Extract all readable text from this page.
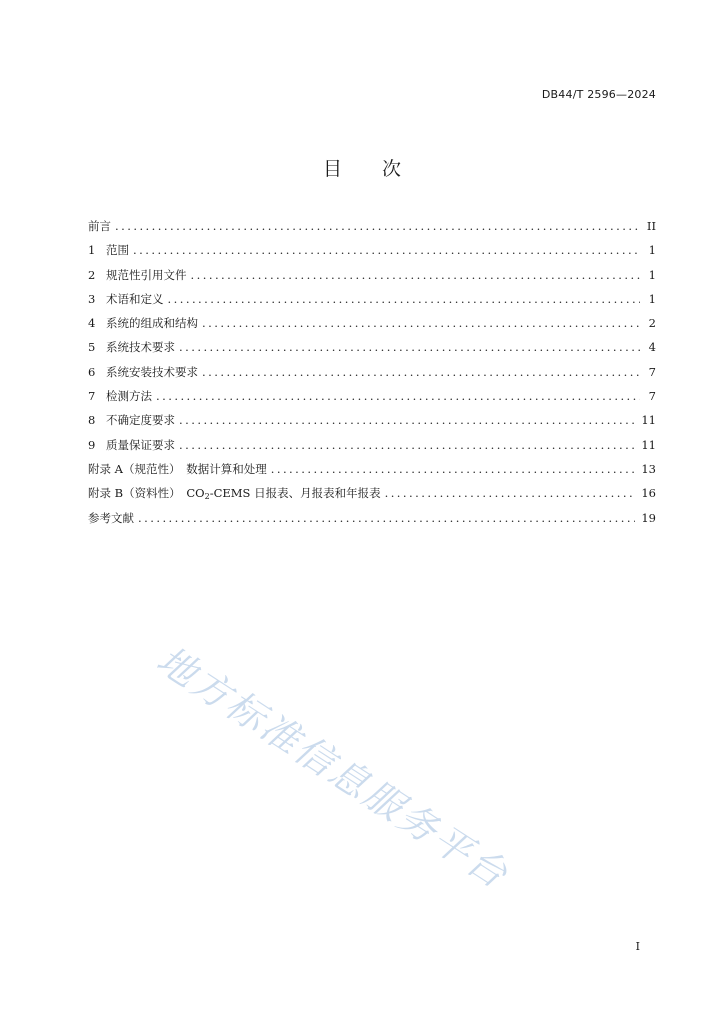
DB44/T 2596—2024
目 次
前言 . . .	II
1 范围 . . .	1
2 规范性引用文件 . . .	1
3 术语和定义 . . .	1
4 系统的组成和结构 . . .	2
5 系统技术要求 . . .	4
6 系统安装技术要求 . . .	7
7 检测方法 . . .	7
8 不确定度要求 . . .	11
9 质量保证要求 . . .	11
附录 A（规范性）　数据计算和处理 . . .	13
附录 B（资料性）　$CO_2$-CEMS 日报表、月报表和年报表 . . .	16
参考文献 . . .	19
地方标准信息服务平台
I
